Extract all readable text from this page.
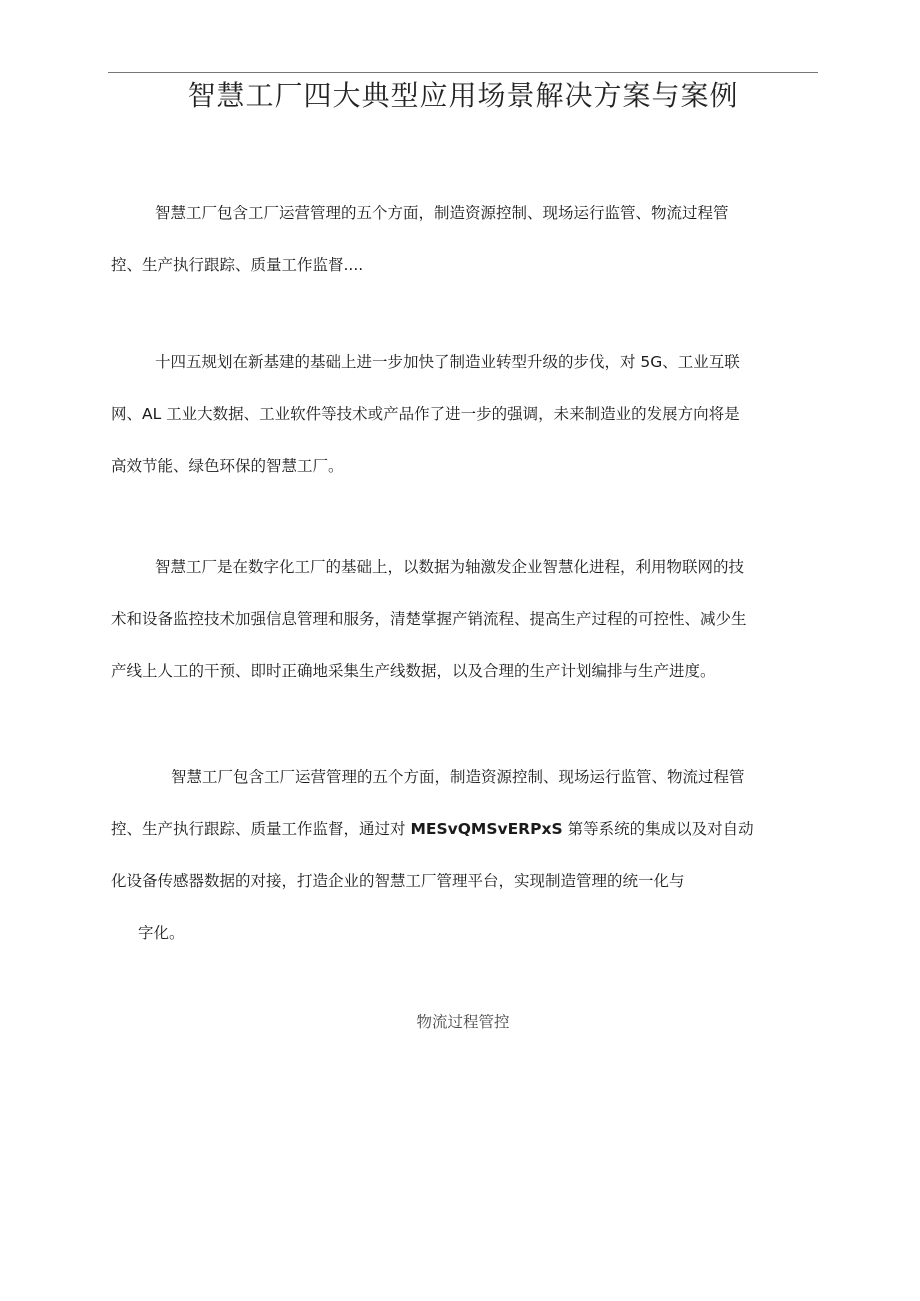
智慧工厂四大典型应用场景解决方案与案例
智慧工厂包含工厂运营管理的五个方面，制造资源控制、现场运行监管、物流过程管
控、生产执行跟踪、质量工作监督....
十四五规划在新基建的基础上进一步加快了制造业转型升级的步伐，对 5G、工业互联
网、AL 工业大数据、工业软件等技术或产品作了进一步的强调，未来制造业的发展方向将是
高效节能、绿色环保的智慧工厂。
智慧工厂是在数字化工厂的基础上，以数据为轴激发企业智慧化进程，利用物联网的技
术和设备监控技术加强信息管理和服务，清楚掌握产销流程、提高生产过程的可控性、减少生
产线上人工的干预、即时正确地采集生产线数据，以及合理的生产计划编排与生产进度。
智慧工厂包含工厂运营管理的五个方面，制造资源控制、现场运行监管、物流过程管
控、生产执行跟踪、质量工作监督，通过对 MESvQMSvERPxS 第等系统的集成以及对自动
化设备传感器数据的对接，打造企业的智慧工厂管理平台，实现制造管理的统一化与
字化。
物流过程管控
